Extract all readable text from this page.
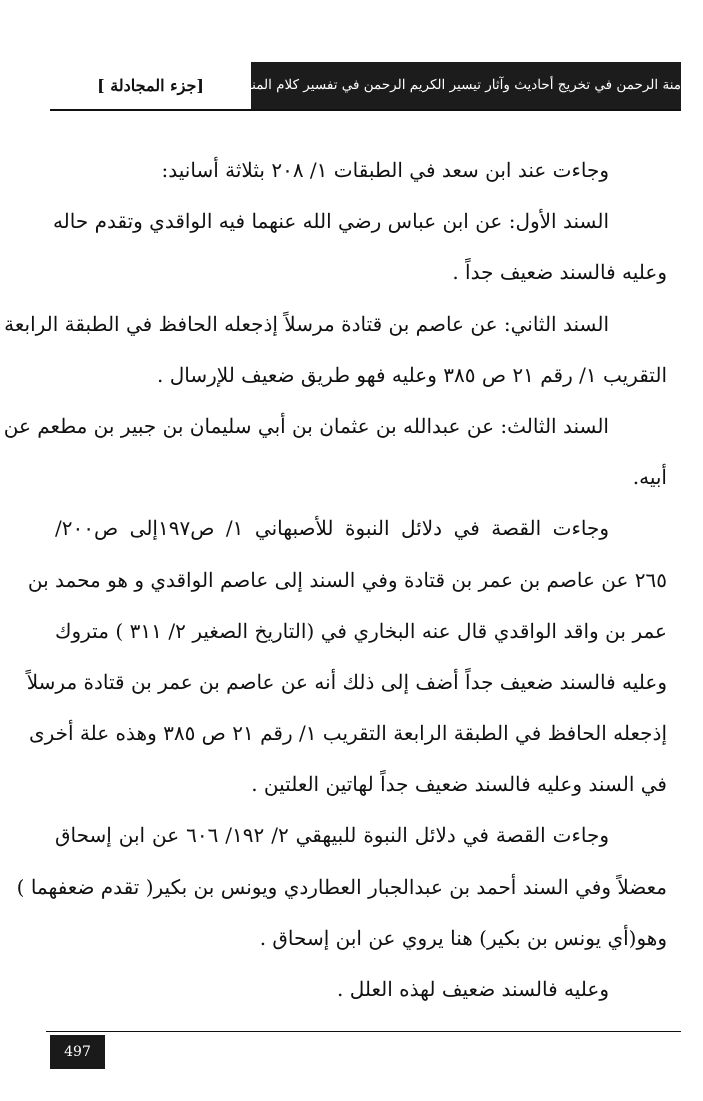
منة الرحمن في تخريج أحاديث وآثار تيسير الكريم الرحمن في تفسير كلام المنان
[جزء المجادلة ]
وجاءت عند ابن سعد في الطبقات ١/ ٢٠٨ بثلاثة أسانيد:
السند الأول: عن ابن عباس رضي الله عنهما فيه الواقدي وتقدم حاله
وعليه فالسند ضعيف جداً .
السند الثاني: عن عاصم بن قتادة مرسلاً إذجعله الحافظ في الطبقة الرابعة
التقريب ١/ رقم ٢١ ص ٣٨٥ وعليه فهو طريق ضعيف للإرسال .
السند الثالث: عن عبدالله بن عثمان بن أبي سليمان بن جبير بن مطعم عن
أبيه.
وجاءت القصة في دلائل النبوة للأصبهاني ١/ ص١٩٧إلى ص٢٠٠/
٢٦٥ عن عاصم بن عمر بن قتادة وفي السند إلى عاصم الواقدي و هو محمد بن
عمر بن واقد الواقدي قال عنه البخاري في (التاريخ الصغير ٢/ ٣١١ ) متروك
وعليه فالسند ضعيف جداً أضف إلى ذلك أنه عن عاصم بن عمر بن قتادة مرسلاً
إذجعله الحافظ في الطبقة الرابعة التقريب ١/ رقم ٢١ ص ٣٨٥ وهذه علة أخرى
في السند وعليه فالسند ضعيف جداً لهاتين العلتين .
وجاءت القصة في دلائل النبوة للبيهقي ٢/ ١٩٢/ ٦٠٦ عن ابن إسحاق
معضلاً وفي السند أحمد بن عبدالجبار العطاردي ويونس بن بكير( تقدم ضعفهما )
وهو(أي يونس بن بكير) هنا يروي عن ابن إسحاق .
وعليه فالسند ضعيف لهذه العلل .
497
